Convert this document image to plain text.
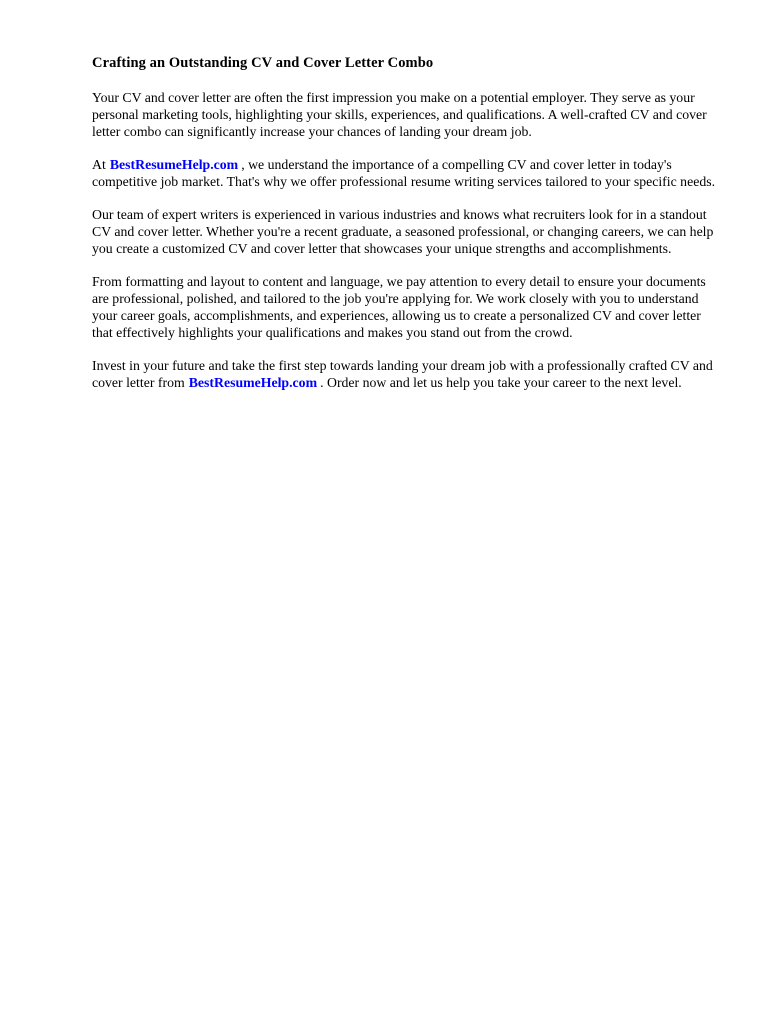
Crafting an Outstanding CV and Cover Letter Combo

Your CV and cover letter are often the first impression you make on a potential employer. They serve as your personal marketing tools, highlighting your skills, experiences, and qualifications. A well-crafted CV and cover letter combo can significantly increase your chances of landing your dream job.

At BestResumeHelp.com , we understand the importance of a compelling CV and cover letter in today's competitive job market. That's why we offer professional resume writing services tailored to your specific needs.

Our team of expert writers is experienced in various industries and knows what recruiters look for in a standout CV and cover letter. Whether you're a recent graduate, a seasoned professional, or changing careers, we can help you create a customized CV and cover letter that showcases your unique strengths and accomplishments.

From formatting and layout to content and language, we pay attention to every detail to ensure your documents are professional, polished, and tailored to the job you're applying for. We work closely with you to understand your career goals, accomplishments, and experiences, allowing us to create a personalized CV and cover letter that effectively highlights your qualifications and makes you stand out from the crowd.

Invest in your future and take the first step towards landing your dream job with a professionally crafted CV and cover letter from BestResumeHelp.com . Order now and let us help you take your career to the next level.
